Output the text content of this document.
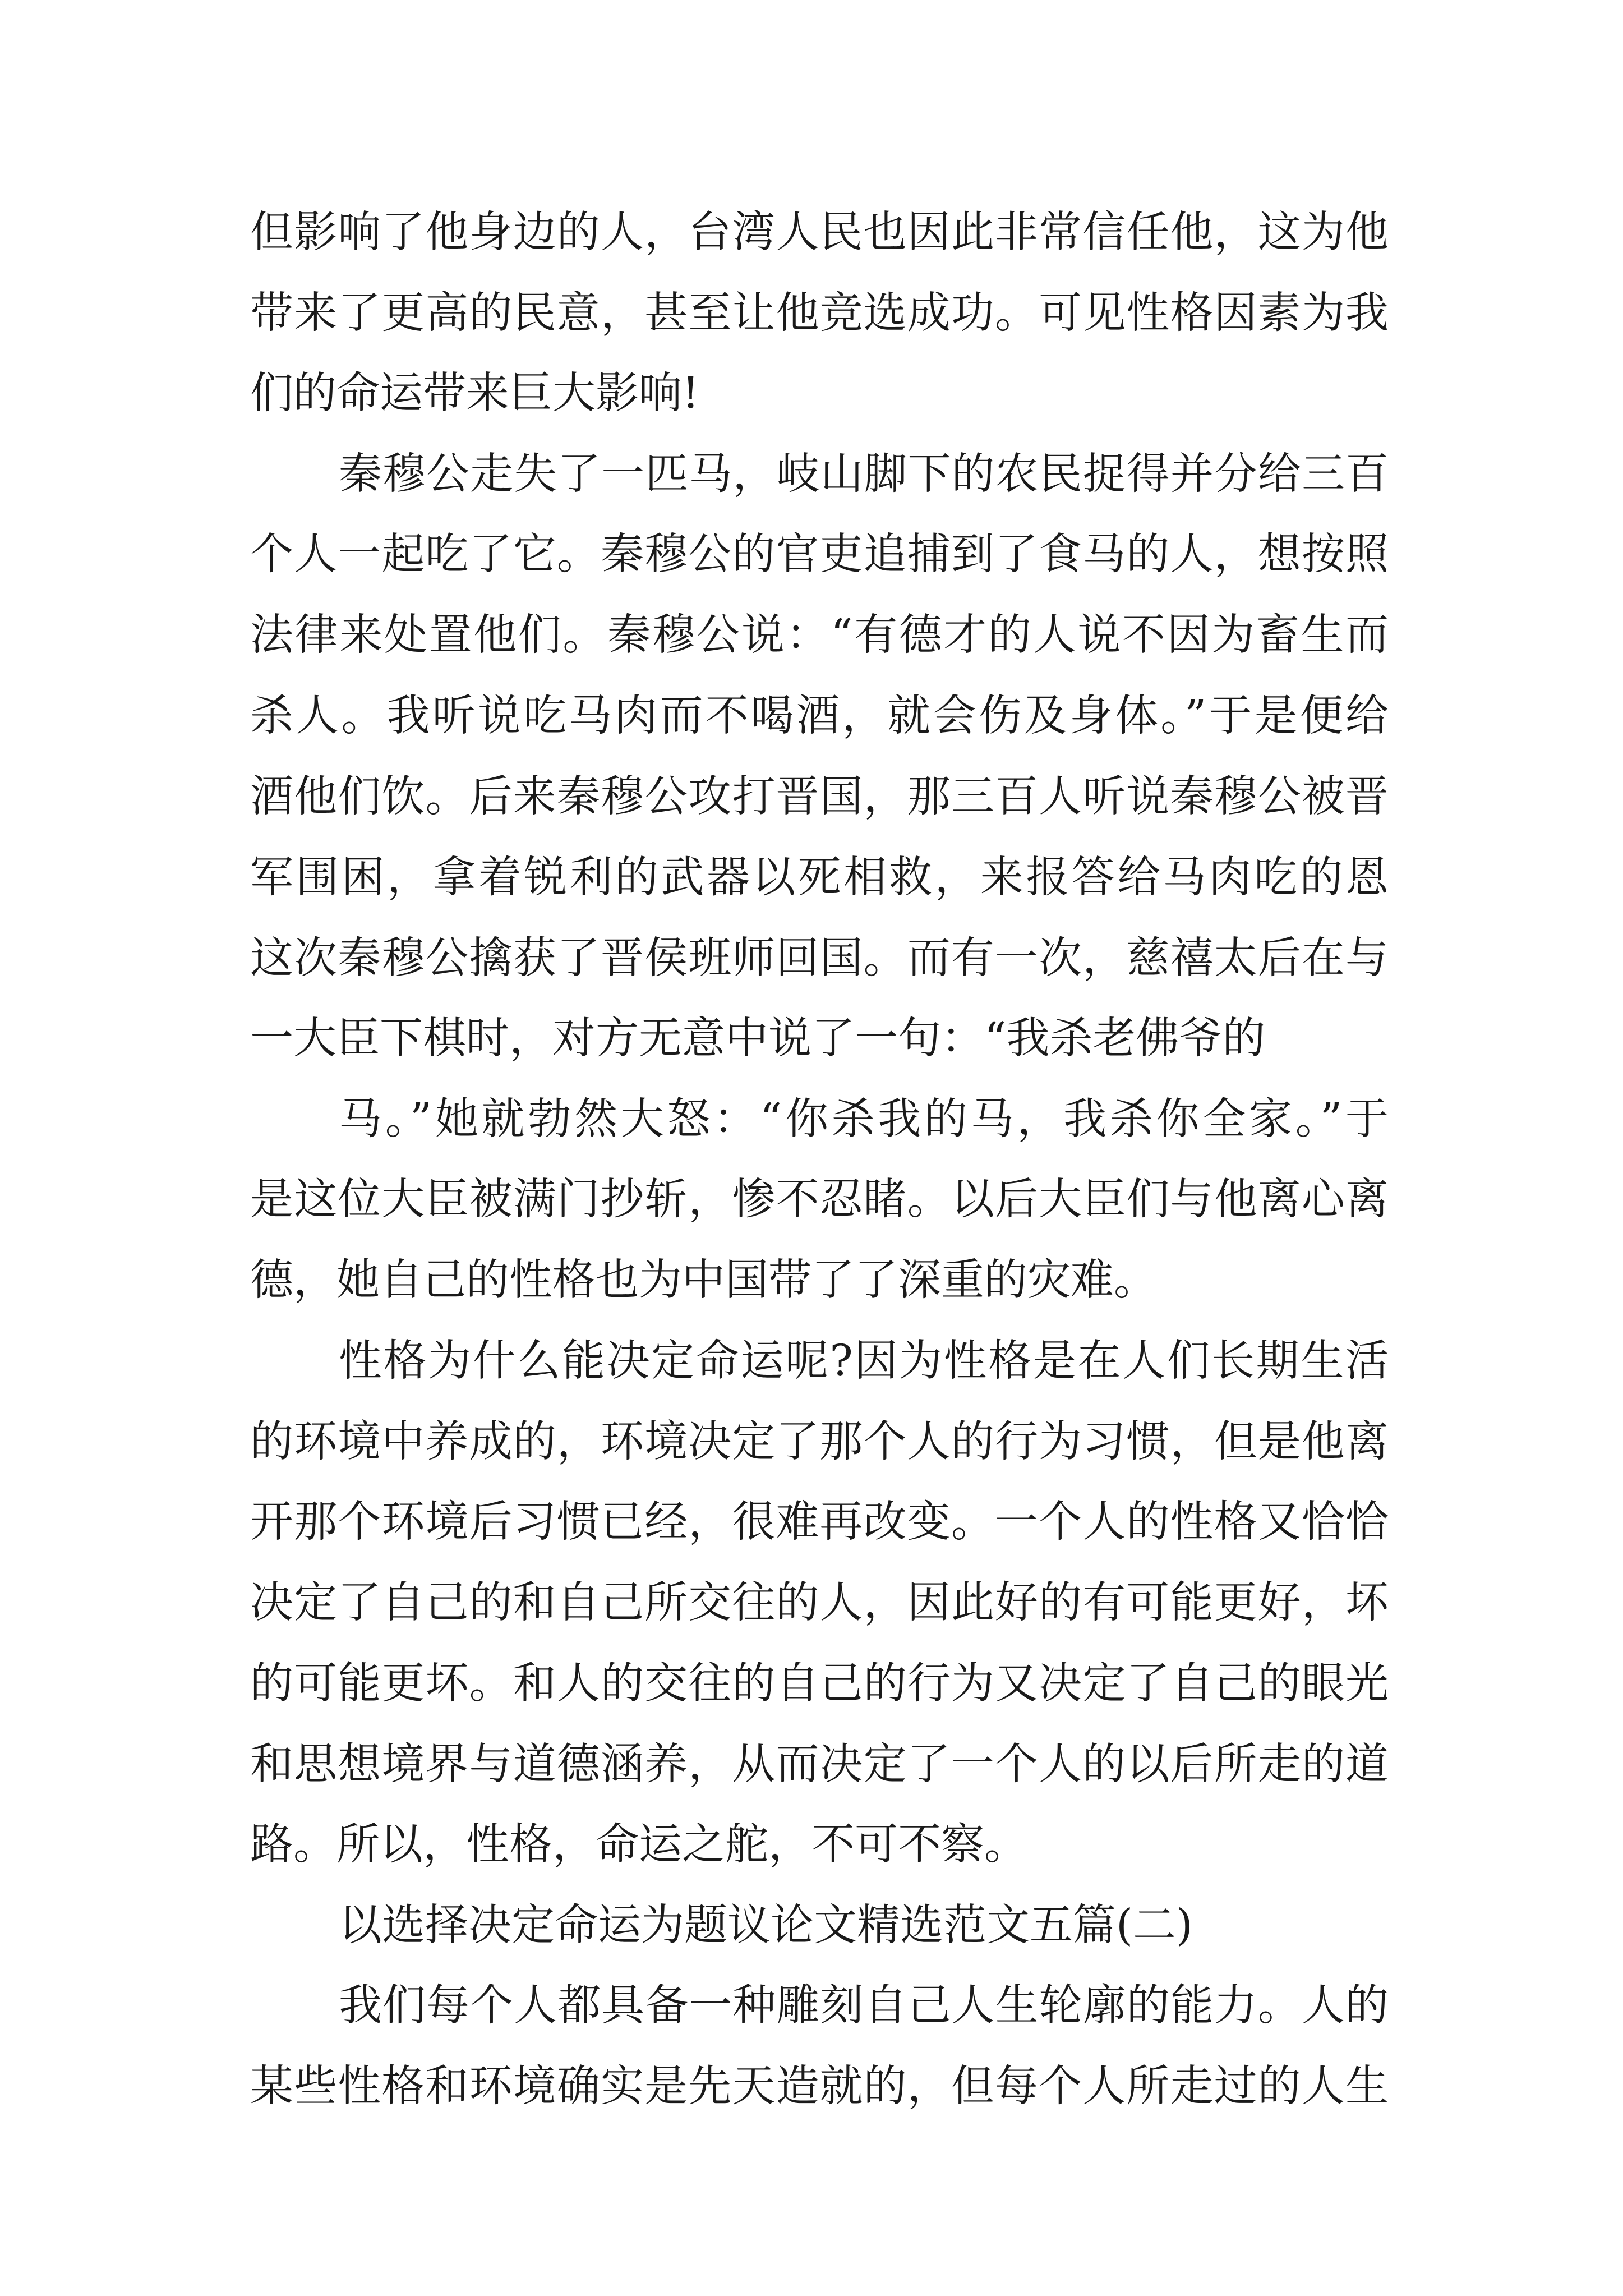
但影响了他身边的人，台湾人民也因此非常信任他，这为他
带来了更高的民意，甚至让他竞选成功。可见性格因素为我
们的命运带来巨大影响!
秦穆公走失了一匹马，岐山脚下的农民捉得并分给三百
个人一起吃了它。秦穆公的官吏追捕到了食马的人，想按照
法律来处置他们。秦穆公说：“有德才的人说不因为畜生而
杀人。我听说吃马肉而不喝酒，就会伤及身体。”于是便给
酒他们饮。后来秦穆公攻打晋国，那三百人听说秦穆公被晋
军围困，拿着锐利的武器以死相救，来报答给马肉吃的恩
这次秦穆公擒获了晋侯班师回国。而有一次，慈禧太后在与
一大臣下棋时，对方无意中说了一句：“我杀老佛爷的
马。”她就勃然大怒：“你杀我的马，我杀你全家。”于
是这位大臣被满门抄斩，惨不忍睹。以后大臣们与他离心离
德，她自己的性格也为中国带了了深重的灾难。
性格为什么能决定命运呢?因为性格是在人们长期生活
的环境中养成的，环境决定了那个人的行为习惯，但是他离
开那个环境后习惯已经，很难再改变。一个人的性格又恰恰
决定了自己的和自己所交往的人，因此好的有可能更好，坏
的可能更坏。和人的交往的自己的行为又决定了自己的眼光
和思想境界与道德涵养，从而决定了一个人的以后所走的道
路。所以，性格，命运之舵，不可不察。
以选择决定命运为题议论文精选范文五篇(二)
我们每个人都具备一种雕刻自己人生轮廓的能力。人的
某些性格和环境确实是先天造就的，但每个人所走过的人生
